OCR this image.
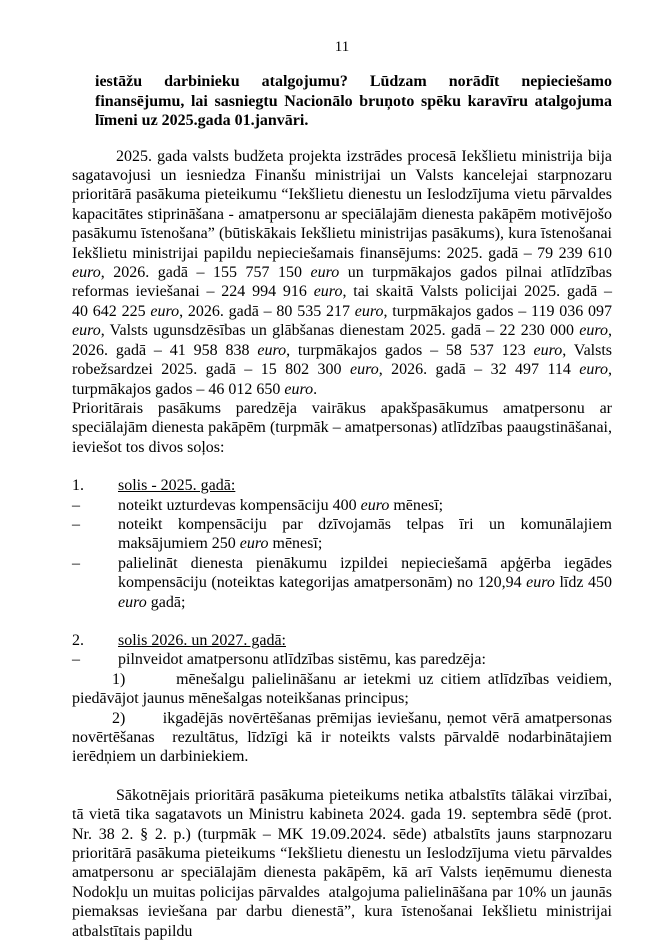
11

iestāžu darbinieku atalgojumu? Lūdzam norādīt nepieciešamo finansējumu, lai sasniegtu Nacionālo bruņoto spēku karavīru atalgojuma līmeni uz 2025.gada 01.janvāri.

2025. gada valsts budžeta projekta izstrādes procesā Iekšlietu ministrija bija sagatavojusi un iesniedza Finanšu ministrijai un Valsts kancelejai starpnozaru prioritārā pasākuma pieteikumu “Iekšlietu dienestu un Ieslodzījuma vietu pārvaldes kapacitātes stiprināšana - amatpersonu ar speciālajām dienesta pakāpēm motivējošo pasākumu īstenošana” (būtiskākais Iekšlietu ministrijas pasākums), kura īstenošanai Iekšlietu ministrijai papildu nepieciešamais finansējums: 2025. gadā – 79 239 610 euro, 2026. gadā – 155 757 150 euro un turpmākajos gados pilnai atlīdzības reformas ieviešanai – 224 994 916 euro, tai skaitā Valsts policijai 2025. gadā – 40 642 225 euro, 2026. gadā – 80 535 217 euro, turpmākajos gados – 119 036 097 euro, Valsts ugunsdzēsības un glābšanas dienestam 2025. gadā – 22 230 000 euro, 2026. gadā – 41 958 838 euro, turpmākajos gados – 58 537 123 euro, Valsts robežsardzei 2025. gadā – 15 802 300 euro, 2026. gadā – 32 497 114 euro, turpmākajos gados – 46 012 650 euro.

Prioritārais pasākums paredzēja vairākus apakšpasākumus amatpersonu ar speciālajām dienesta pakāpēm (turpmāk – amatpersonas) atlīdzības paaugstināšanai, ieviešot tos divos soļos:

1.	solis - 2025. gadā:
–	noteikt uzturdevas kompensāciju 400 euro mēnesī;
–	noteikt kompensāciju par dzīvojamās telpas īri un komunālajiem maksājumiem 250 euro mēnesī;
–	palielināt dienesta pienākumu izpildei nepieciešamā apģērba iegādes kompensāciju (noteiktas kategorijas amatpersonām) no 120,94 euro līdz 450 euro gadā;
2.	solis 2026. un 2027. gadā:
–	pilnveidot amatpersonu atlīdzības sistēmu, kas paredzēja:

1)       mēnešalgu palielināšanu ar ietekmi uz citiem atlīdzības veidiem, piedāvājot jaunus mēnešalgas noteikšanas principus;

2)       ikgadējās novērtēšanas prēmijas ieviešanu, ņemot vērā amatpersonas novērtēšanas  rezultātus, līdzīgi kā ir noteikts valsts pārvaldē nodarbinātajiem ierēdņiem un darbiniekiem.

Sākotnējais prioritārā pasākuma pieteikums netika atbalstīts tālākai virzībai, tā vietā tika sagatavots un Ministru kabineta 2024. gada 19. septembra sēdē (prot. Nr. 38 2. § 2. p.) (turpmāk – MK 19.09.2024. sēde) atbalstīts jauns starpnozaru prioritārā pasākuma pieteikums “Iekšlietu dienestu un Ieslodzījuma vietu pārvaldes amatpersonu ar speciālajām dienesta pakāpēm, kā arī Valsts ieņēmumu dienesta Nodokļu un muitas policijas pārvaldes  atalgojuma palielināšana par 10% un jaunās piemaksas ieviešana par darbu dienestā”, kura īstenošanai Iekšlietu ministrijai atbalstītais papildu
